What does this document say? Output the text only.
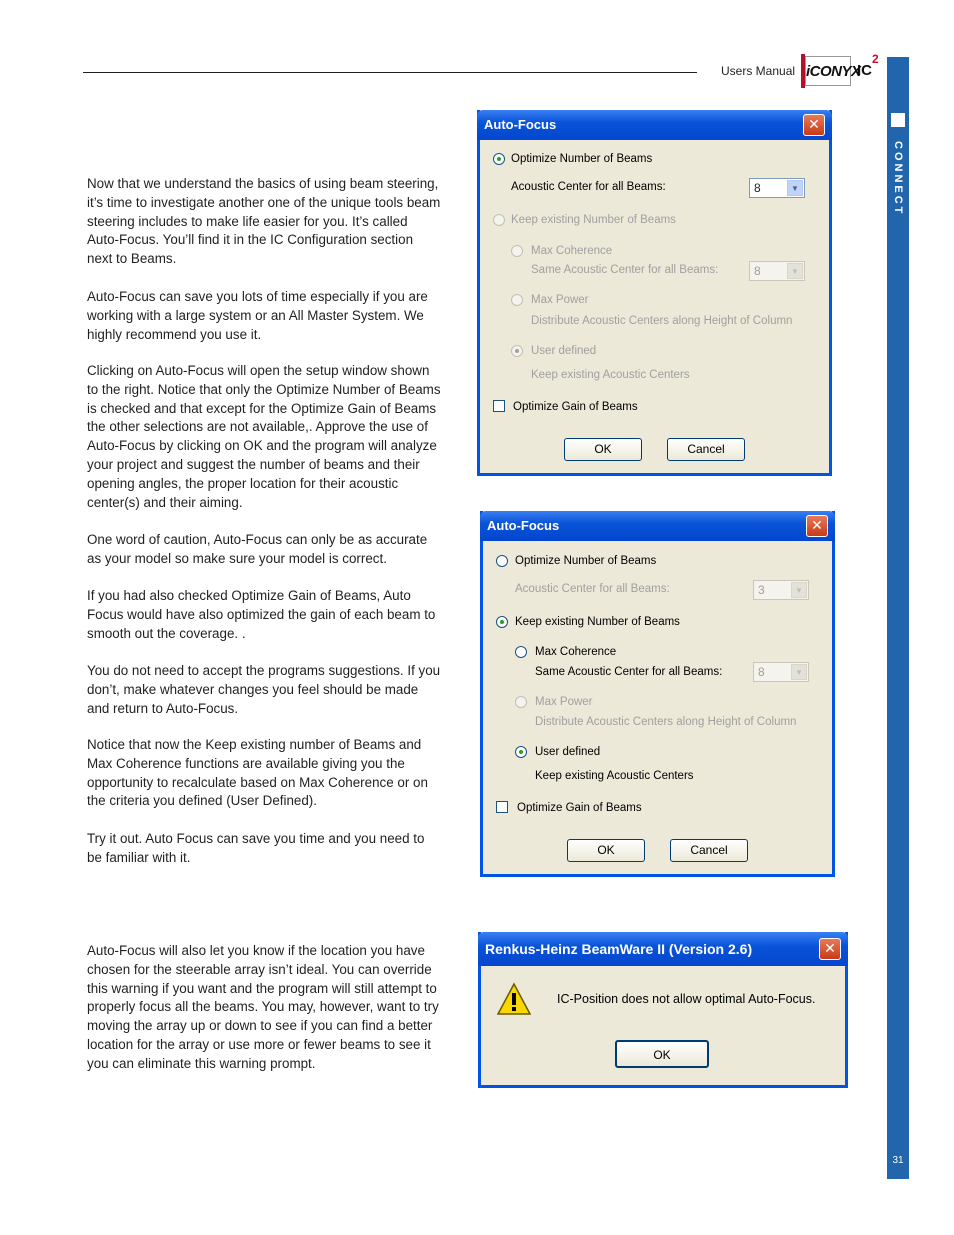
Users Manual iCONYX
$IC^2$
CONNECT
31
Now that we understand the basics of using beam steering, it’s time to investigate another one of the unique tools beam steering includes to make life easier for you. It’s called Auto-Focus. You’ll find it in the IC Configuration section next to Beams.
Auto-Focus can save you lots of time especially if you are working with a large system or an All Master System. We highly recommend you use it.
Clicking on Auto-Focus will open the setup window shown to the right. Notice that only the Optimize Number of Beams is checked and that except for the Optimize Gain of Beams the other selections are not available,. Approve the use of Auto-Focus by clicking on OK and the program will analyze your project and suggest the number of beams and their opening angles, the proper location for their acoustic center(s) and their aiming.
One word of caution, Auto-Focus can only be as accurate as your model so make sure your model is correct.
If you had also checked Optimize Gain of Beams, Auto Focus would have also optimized the gain of each beam to smooth out the coverage. .
You do not need to accept the programs suggestions. If you don’t, make whatever changes you feel should be made and return to Auto-Focus.
Notice that now the Keep existing number of Beams and Max Coherence functions are available giving you the opportunity to recalculate based on Max Coherence or on the criteria you defined (User Defined).
Try it out. Auto Focus can save you time and you need to be familiar with it.
Auto-Focus will also let you know if the location you have chosen for the steerable array isn’t ideal. You can override this warning if you want and the program will still attempt to properly focus all the beams. You may, however, want to try moving the array up or down to see if you can find a better location for the array or use more or fewer beams to see it you can eliminate this warning prompt.
Auto-Focus	✕
Optimize Number of Beams
Acoustic Center for all Beams:	8	▼
Keep existing Number of Beams
Max Coherence
Same Acoustic Center for all Beams:	8	▼
Max Power
Distribute Acoustic Centers along Height of Column
User defined
Keep existing Acoustic Centers
Optimize Gain of Beams
OK	Cancel
Auto-Focus	✕
Optimize Number of Beams
Acoustic Center for all Beams:	3	▼
Keep existing Number of Beams
Max Coherence
Same Acoustic Center for all Beams:	8	▼
Max Power
Distribute Acoustic Centers along Height of Column
User defined
Keep existing Acoustic Centers
Optimize Gain of Beams
OK	Cancel
Renkus-Heinz BeamWare II (Version 2.6)	✕
IC-Position does not allow optimal Auto-Focus.
OK
